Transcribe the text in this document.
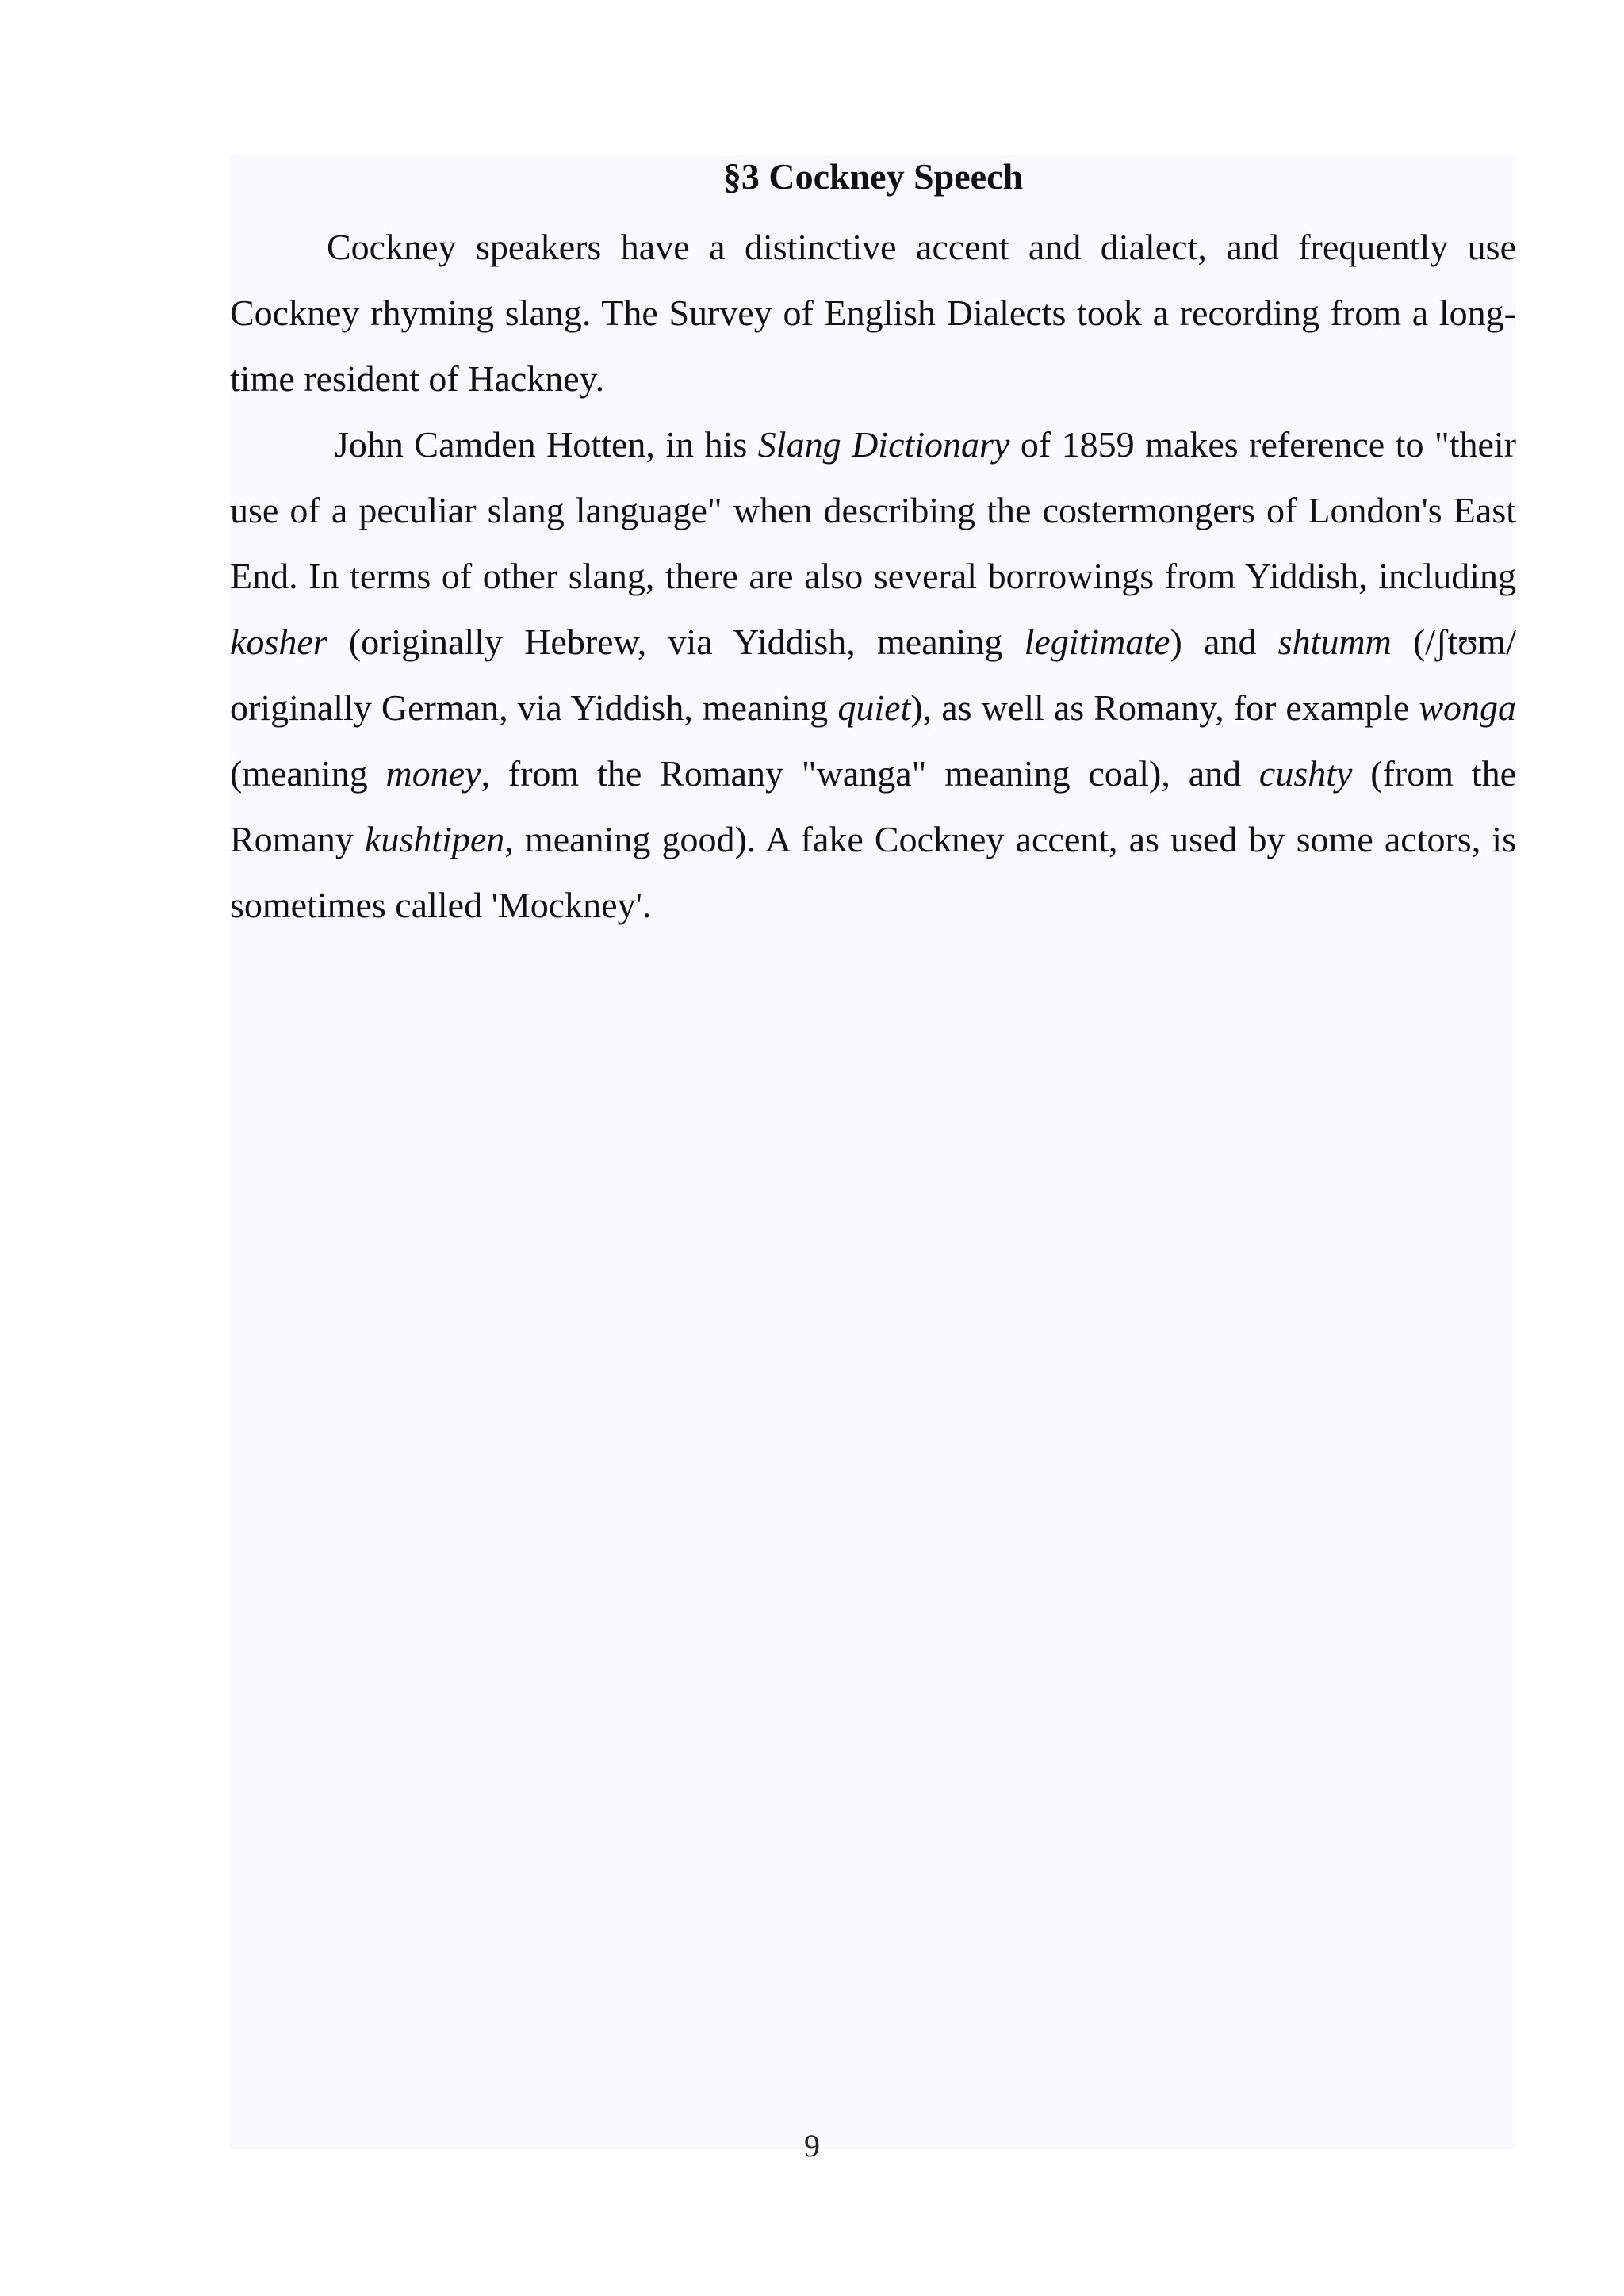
§3 Cockney Speech

Cockney speakers have a distinctive accent and dialect, and frequently use Cockney rhyming slang. The Survey of English Dialects took a recording from a long-time resident of Hackney.

John Camden Hotten, in his Slang Dictionary of 1859 makes reference to "their use of a peculiar slang language" when describing the costermongers of London's East End. In terms of other slang, there are also several borrowings from Yiddish, including kosher (originally Hebrew, via Yiddish, meaning legitimate) and shtumm (/ʃtʊm/ originally German, via Yiddish, meaning quiet), as well as Romany, for example wonga (meaning money, from the Romany "wanga" meaning coal), and cushty (from the Romany kushtipen, meaning good). A fake Cockney accent, as used by some actors, is sometimes called 'Mockney'.

9
